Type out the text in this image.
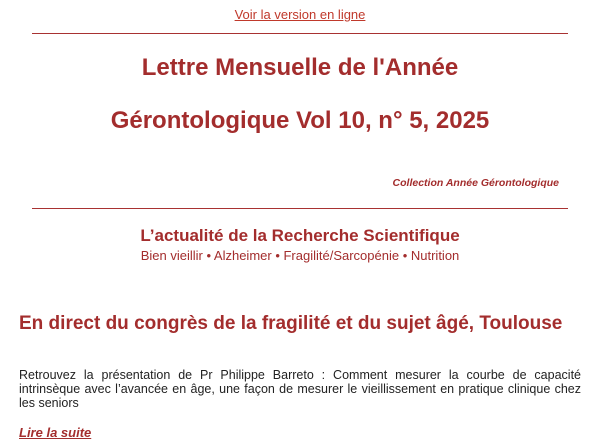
Voir la version en ligne
Lettre Mensuelle de l'Année
Gérontologique Vol 10, n° 5, 2025
Collection Année Gérontologique
L’actualité de la Recherche Scientifique
Bien vieillir • Alzheimer • Fragilité/Sarcopénie • Nutrition
En direct du congrès de la fragilité et du sujet âgé, Toulouse
Retrouvez la présentation de Pr Philippe Barreto : Comment mesurer la courbe de capacité intrinsèque avec l’avancée en âge, une façon de mesurer le vieillissement en pratique clinique chez les seniors
Lire la suite
